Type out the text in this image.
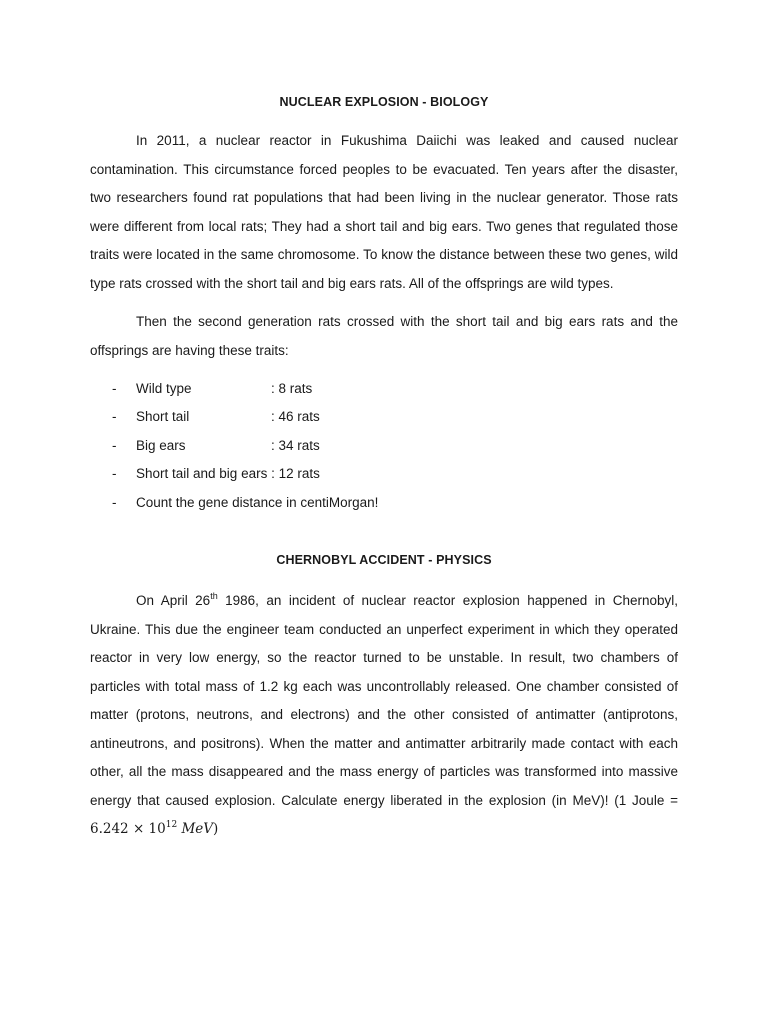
NUCLEAR EXPLOSION - BIOLOGY
In 2011, a nuclear reactor in Fukushima Daiichi was leaked and caused nuclear contamination. This circumstance forced peoples to be evacuated. Ten years after the disaster, two researchers found rat populations that had been living in the nuclear generator. Those rats were different from local rats; They had a short tail and big ears. Two genes that regulated those traits were located in the same chromosome. To know the distance between these two genes, wild type rats crossed with the short tail and big ears rats. All of the offsprings are wild types.
Then the second generation rats crossed with the short tail and big ears rats and the offsprings are having these traits:
- Wild type	: 8 rats
- Short tail	: 46 rats
- Big ears	: 34 rats
- Short tail and big ears : 12 rats
- Count the gene distance in centiMorgan!
CHERNOBYL ACCIDENT - PHYSICS
On April 26th 1986, an incident of nuclear reactor explosion happened in Chernobyl, Ukraine. This due the engineer team conducted an unperfect experiment in which they operated reactor in very low energy, so the reactor turned to be unstable. In result, two chambers of particles with total mass of 1.2 kg each was uncontrollably released. One chamber consisted of matter (protons, neutrons, and electrons) and the other consisted of antimatter (antiprotons, antineutrons, and positrons). When the matter and antimatter arbitrarily made contact with each other, all the mass disappeared and the mass energy of particles was transformed into massive energy that caused explosion. Calculate energy liberated in the explosion (in MeV)! (1 Joule = $6.242 \times 10^{12}$ MeV)
